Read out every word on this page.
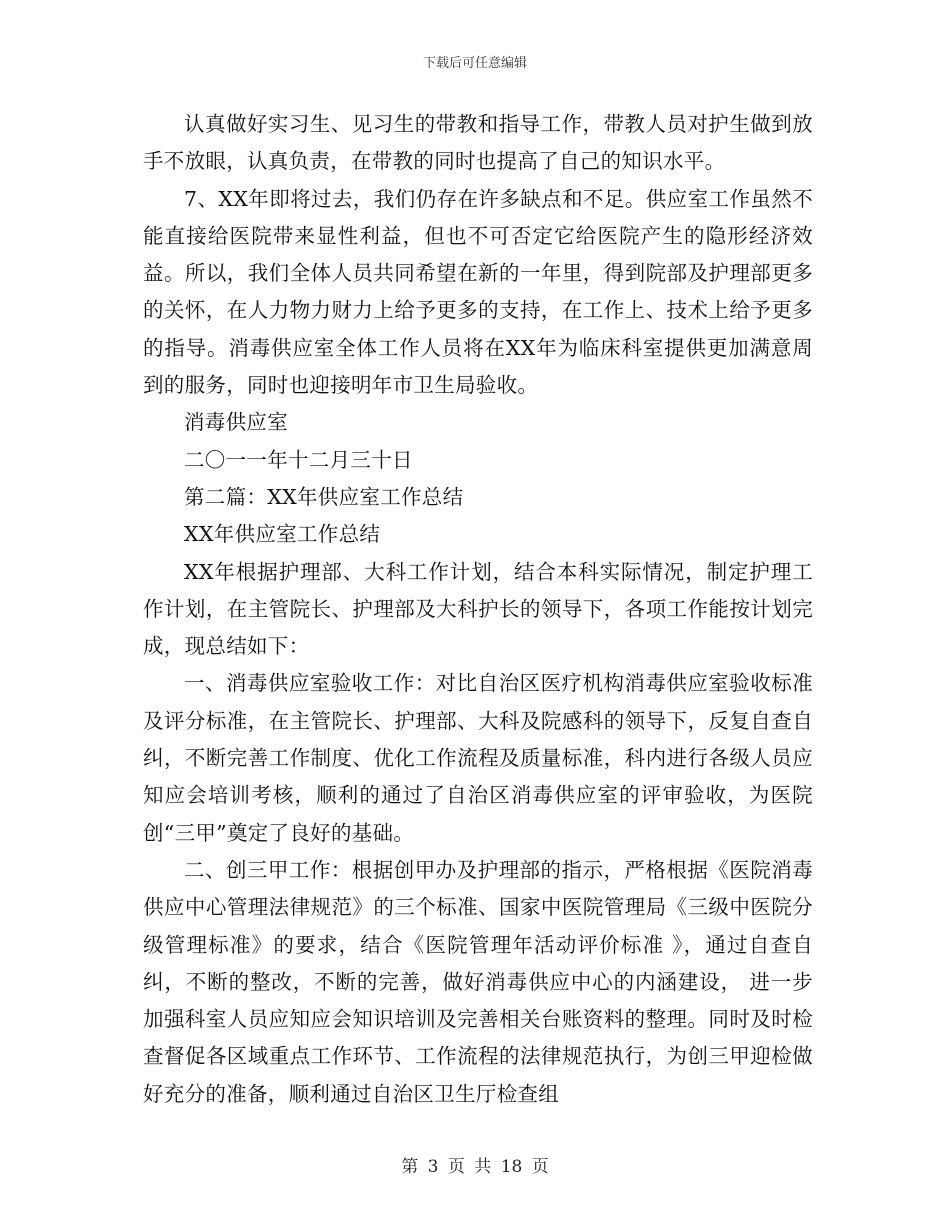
下载后可任意编辑

认真做好实习生、见习生的带教和指导工作，带教人员对护生做到放手不放眼，认真负责，在带教的同时也提高了自己的知识水平。

7、XX年即将过去，我们仍存在许多缺点和不足。供应室工作虽然不能直接给医院带来显性利益，但也不可否定它给医院产生的隐形经济效益。所以，我们全体人员共同希望在新的一年里，得到院部及护理部更多的关怀，在人力物力财力上给予更多的支持，在工作上、技术上给予更多的指导。消毒供应室全体工作人员将在XX年为临床科室提供更加满意周到的服务，同时也迎接明年市卫生局验收。

消毒供应室

二〇一一年十二月三十日

第二篇：XX年供应室工作总结

XX年供应室工作总结

XX年根据护理部、大科工作计划，结合本科实际情况，制定护理工作计划，在主管院长、护理部及大科护长的领导下，各项工作能按计划完成，现总结如下：

一、消毒供应室验收工作：对比自治区医疗机构消毒供应室验收标准及评分标准，在主管院长、护理部、大科及院感科的领导下，反复自查自纠，不断完善工作制度、优化工作流程及质量标准，科内进行各级人员应知应会培训考核，顺利的通过了自治区消毒供应室的评审验收，为医院创“三甲”奠定了良好的基础。

二、创三甲工作：根据创甲办及护理部的指示，严格根据《医院消毒供应中心管理法律规范》的三个标准、国家中医院管理局《三级中医院分级管理标准》的要求，结合《医院管理年活动评价标准 》，通过自查自纠，不断的整改，不断的完善，做好消毒供应中心的内涵建设， 进一步加强科室人员应知应会知识培训及完善相关台账资料的整理。同时及时检查督促各区域重点工作环节、工作流程的法律规范执行，为创三甲迎检做好充分的准备，顺利通过自治区卫生厅检查组

第 3 页 共 18 页
